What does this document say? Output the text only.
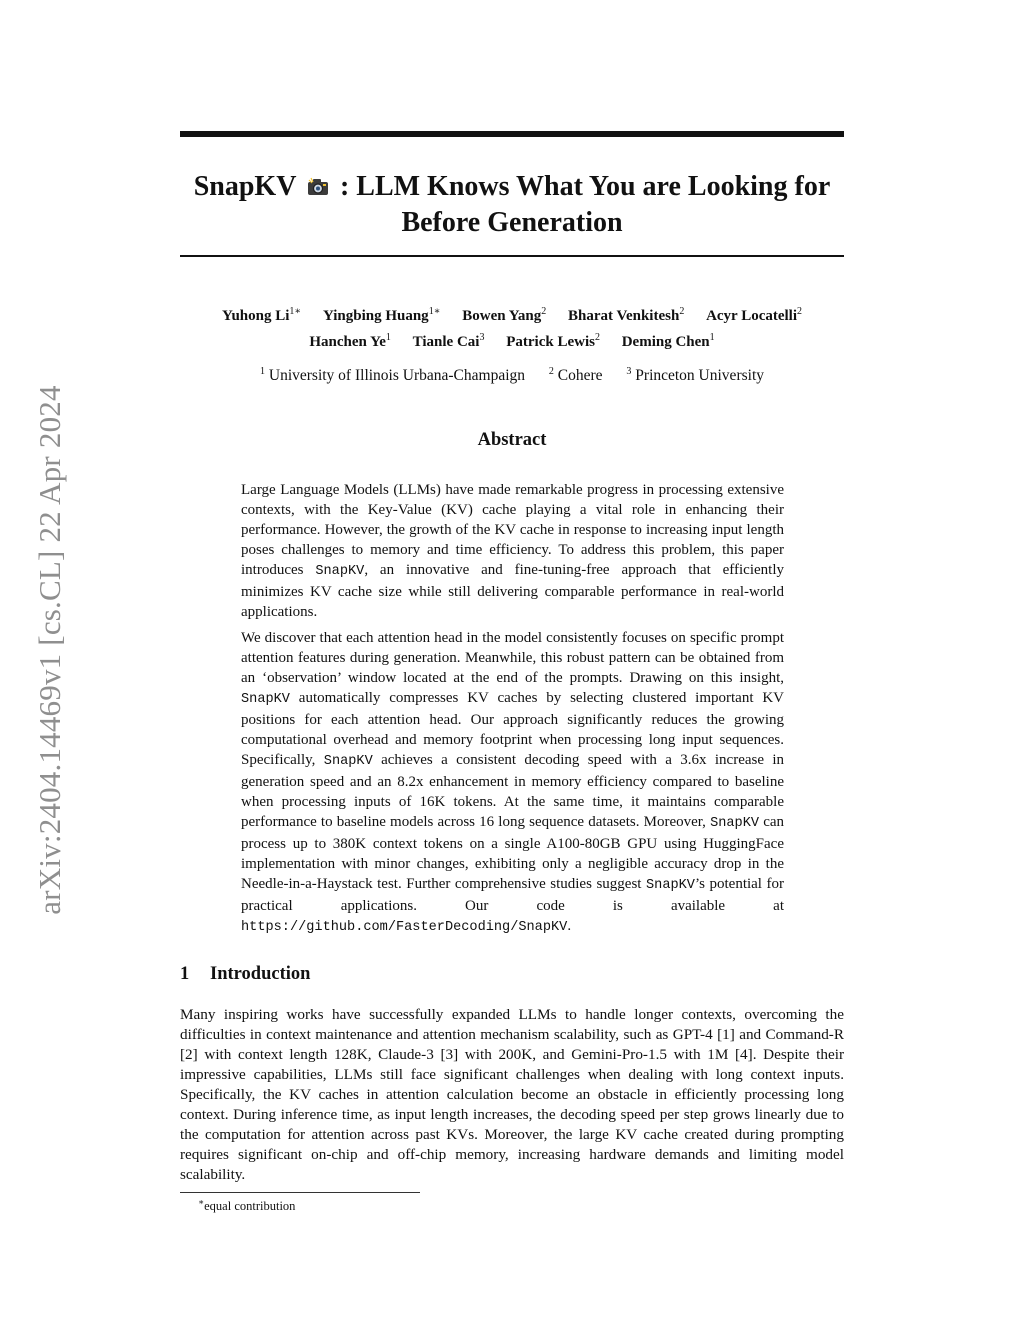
arXiv:2404.14469v1 [cs.CL] 22 Apr 2024
SnapKV : LLM Knows What You are Looking for
Before Generation
Yuhong $Li^{1∗}$ Yingbing Huang$^{1∗}$ Bowen Yang$^2$ Bharat Venkitesh$^2$ Acyr Locatelli$^2$
Hanchen Ye$^1$ Tianle Cai$^3$ Patrick Lewis$^2$ Deming Chen$^1$
$^1$ University of Illinois Urbana-Champaign $^2$ Cohere $^3$ Princeton University
Abstract

Large Language Models (LLMs) have made remarkable progress in processing extensive contexts, with the Key-Value (KV) cache playing a vital role in enhancing their performance. However, the growth of the KV cache in response to increasing input length poses challenges to memory and time efficiency. To address this problem, this paper introduces SnapKV, an innovative and fine-tuning-free approach that efficiently minimizes KV cache size while still delivering comparable performance in real-world applications.

We discover that each attention head in the model consistently focuses on specific prompt attention features during generation. Meanwhile, this robust pattern can be obtained from an ‘observation’ window located at the end of the prompts. Drawing on this insight, SnapKV automatically compresses KV caches by selecting clustered important KV positions for each attention head. Our approach significantly reduces the growing computational overhead and memory footprint when processing long input sequences. Specifically, SnapKV achieves a consistent decoding speed with a 3.6x increase in generation speed and an 8.2x enhancement in memory efficiency compared to baseline when processing inputs of 16K tokens. At the same time, it maintains comparable performance to baseline models across 16 long sequence datasets. Moreover, SnapKV can process up to 380K context tokens on a single A100-80GB GPU using HuggingFace implementation with minor changes, exhibiting only a negligible accuracy drop in the Needle-in-a-Haystack test. Further comprehensive studies suggest SnapKV’s potential for practical applications. Our code is available at https://github.com/FasterDecoding/SnapKV.

1 Introduction

Many inspiring works have successfully expanded LLMs to handle longer contexts, overcoming the difficulties in context maintenance and attention mechanism scalability, such as GPT-4 [1] and Command-R [2] with context length 128K, Claude-3 [3] with 200K, and Gemini-Pro-1.5 with 1M [4]. Despite their impressive capabilities, LLMs still face significant challenges when dealing with long context inputs. Specifically, the KV caches in attention calculation become an obstacle in efficiently processing long context. During inference time, as input length increases, the decoding speed per step grows linearly due to the computation for attention across past KVs. Moreover, the large KV cache created during prompting requires significant on-chip and off-chip memory, increasing hardware demands and limiting model scalability.

∗equal contribution
